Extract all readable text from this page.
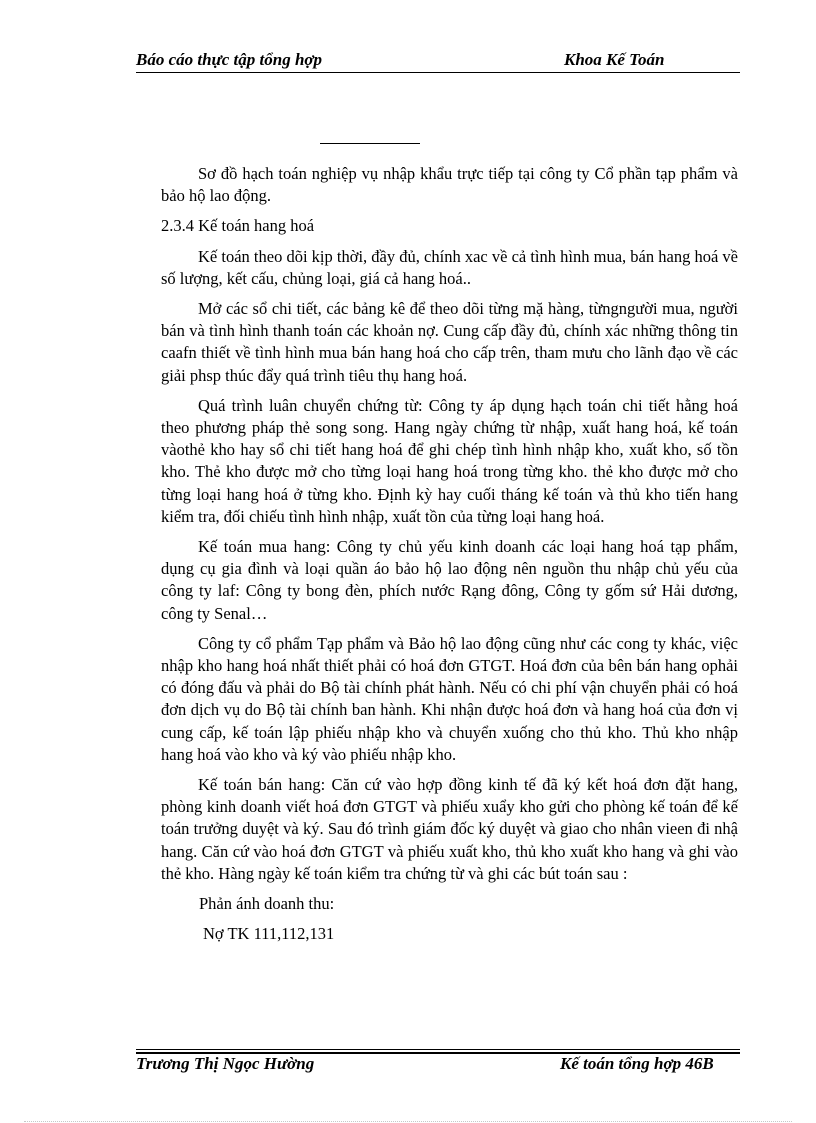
Báo cáo thực tập tổng hợp	Khoa Kế Toán

Sơ đồ hạch toán nghiệp vụ nhập khẩu trực tiếp tại công ty Cổ phần tạp phẩm và bảo hộ lao động.

2.3.4 Kế toán hang hoá

Kế toán theo dõi kịp thời, đầy đủ, chính xac về cả tình hình mua, bán hang hoá về số lượng, kết cấu, chủng loại, giá cả hang hoá..

Mở các sổ chi tiết, các bảng kê để theo dõi từng mặ hàng, từngngười mua, người bán và tình hình thanh toán các khoản nợ. Cung cấp đầy đủ, chính xác những thông tin caafn thiết về tình hình mua bán hang hoá cho cấp trên, tham mưu cho lãnh đạo về các giải phsp thúc đẩy quá trình tiêu thụ hang hoá.

Quá trình luân chuyển chứng từ: Công ty áp dụng hạch toán chi tiết hằng hoá theo phương pháp thẻ song song. Hang ngày chứng từ nhập, xuất hang hoá, kế toán vàothẻ kho hay sổ chi tiết hang hoá để ghi chép tình hình nhập kho, xuất kho, số tồn kho. Thẻ kho được mở cho từng loại hang hoá trong từng kho. thẻ kho được mở cho từng loại hang hoá ở từng kho. Định kỳ hay cuối tháng kế toán và thủ kho tiến hang kiểm tra, đối chiếu tình hình nhập, xuất tồn của từng loại hang hoá.

Kế toán mua hang: Công ty chủ yếu kinh doanh các loại hang hoá tạp phẩm, dụng cụ gia đình và loại quần áo bảo hộ lao động nên nguồn thu nhập chủ yếu của công ty laf: Công ty bong đèn, phích nước Rạng đông, Công ty gốm sứ Hải dương, công ty Senal…

Công ty cổ phẩm Tạp phẩm và Bảo hộ lao động cũng như các cong ty khác, việc nhập kho hang hoá nhất thiết phải có hoá đơn GTGT. Hoá đơn của bên bán hang ophải có đóng đấu và phải do Bộ tài chính phát hành. Nếu có chi phí vận chuyển phải có hoá đơn dịch vụ do Bộ tài chính ban hành. Khi nhận được hoá đơn và hang hoá của đơn vị cung cấp, kế toán lập phiếu nhập kho và chuyển xuống cho thủ kho. Thủ kho nhập hang hoá vào kho và ký vào phiếu nhập kho.

Kế toán bán hang: Căn cứ vào hợp đồng kinh tế đã ký kết hoá đơn đặt hang, phòng kinh doanh viết hoá đơn GTGT và phiếu xuẩy kho gửi cho phòng kế toán để kế toán trưởng duyệt và ký. Sau đó trình giám đốc ký duyệt và giao cho nhân vieen đi nhậ hang. Căn cứ vào hoá đơn GTGT và phiếu xuất kho, thủ kho xuất kho hang và ghi vào thẻ kho. Hàng ngày kế toán kiểm tra chứng từ và ghi các bút toán sau :

Phản ánh doanh thu:

Nợ TK 111,112,131

Trương Thị Ngọc Hường	Kế toán tổng hợp 46B
